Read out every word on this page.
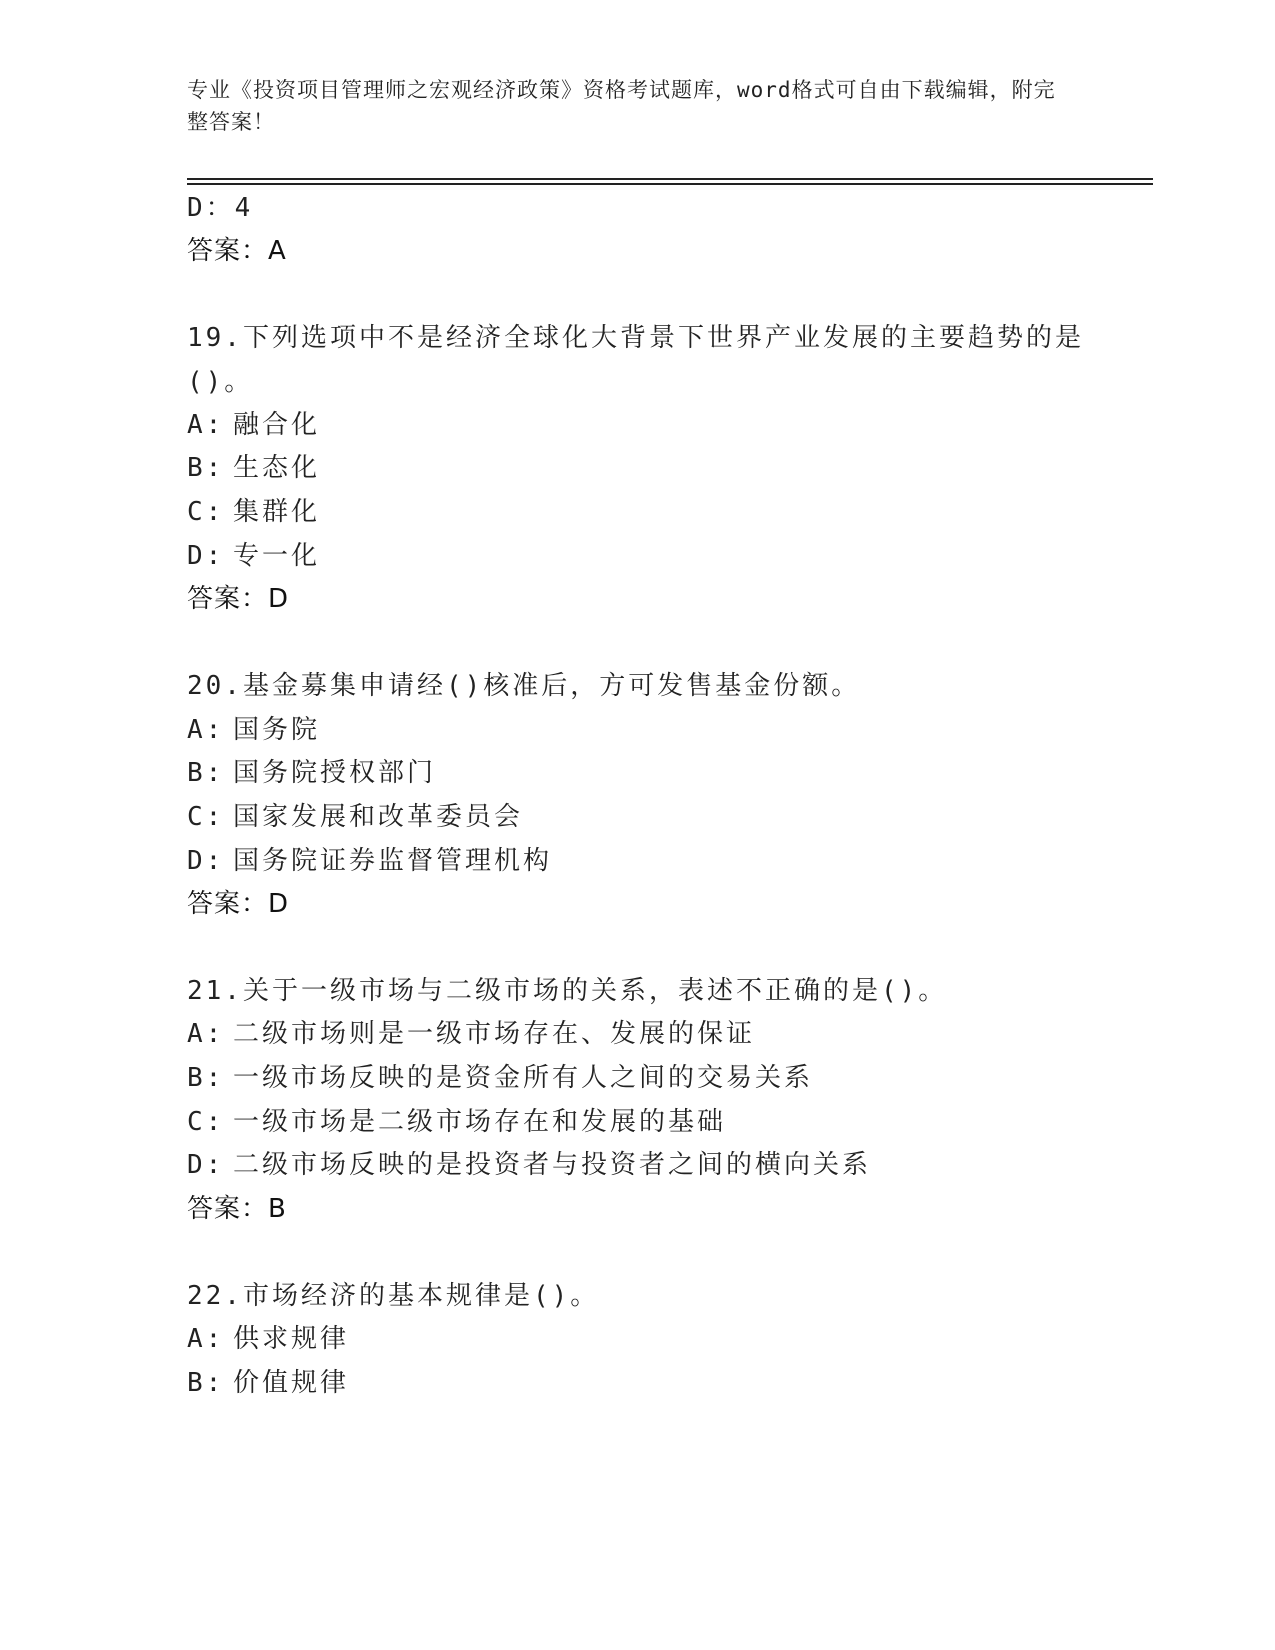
专业《投资项目管理师之宏观经济政策》资格考试题库，word格式可自由下载编辑，附完整答案！
D：4
答案：A
19.下列选项中不是经济全球化大背景下世界产业发展的主要趋势的是
()。
A: 融合化
B: 生态化
C: 集群化
D: 专一化
答案：D
20.基金募集申请经()核准后，方可发售基金份额。
A: 国务院
B: 国务院授权部门
C: 国家发展和改革委员会
D: 国务院证券监督管理机构
答案：D
21.关于一级市场与二级市场的关系，表述不正确的是()。
A: 二级市场则是一级市场存在、发展的保证
B: 一级市场反映的是资金所有人之间的交易关系
C: 一级市场是二级市场存在和发展的基础
D: 二级市场反映的是投资者与投资者之间的横向关系
答案：B
22.市场经济的基本规律是()。
A: 供求规律
B: 价值规律
